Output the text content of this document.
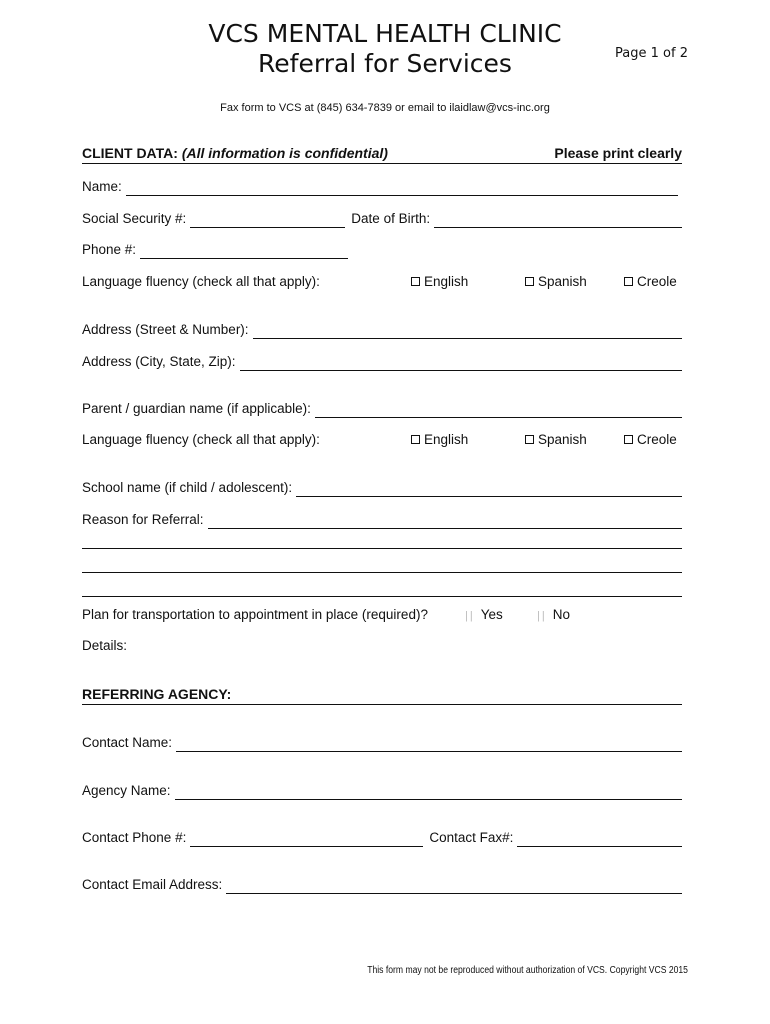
VCS MENTAL HEALTH CLINIC
Referral for Services	Page 1 of 2
Fax form to VCS at (845) 634-7839 or email to ilaidlaw@vcs-inc.org
CLIENT DATA: (All information is confidential)	Please print clearly
Name:
Social Security #:	Date of Birth:
Phone #:
Language fluency (check all that apply):	English	Spanish	Creole
Address (Street & Number):
Address (City, State, Zip):
Parent / guardian name (if applicable):
Language fluency (check all that apply):	English	Spanish	Creole
School name (if child / adolescent):
Reason for Referral:
Plan for transportation to appointment in place (required)?	|| Yes	|| No
Details:
REFERRING AGENCY:
Contact Name:
Agency Name:
Contact Phone #:	Contact Fax#:
Contact Email Address:
This form may not be reproduced without authorization of VCS. Copyright VCS 2015
